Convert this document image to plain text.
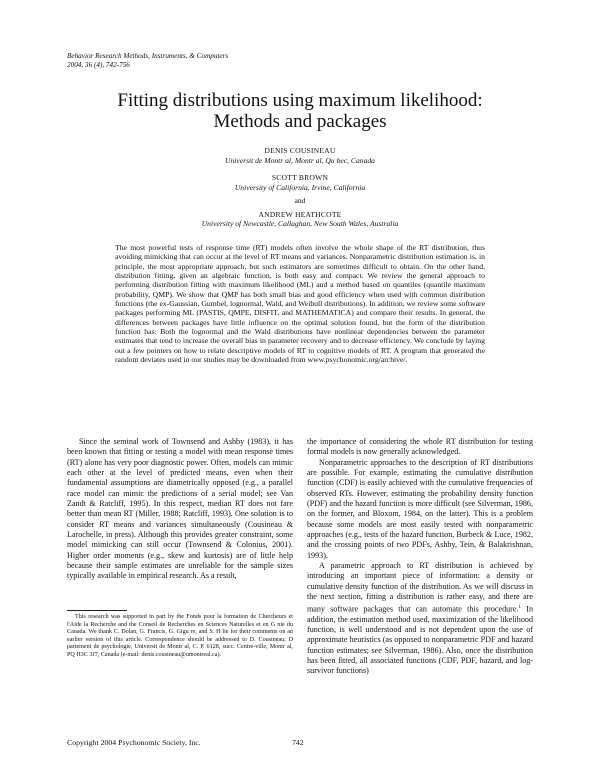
Behavior Research Methods, Instruments, & Computers
2004, 36 (4), 742-756
Fitting distributions using maximum likelihood:
Methods and packages
DENIS COUSINEAU
Universit de Montr al, Montr al, Qu bec, Canada
SCOTT BROWN
University of California, Irvine, California
and
ANDREW HEATHCOTE
University of Newcastle, Callaghan, New South Wales, Australia

The most powerful tests of response time (RT) models often involve the whole shape of the RT distribution, thus avoiding mimicking that can occur at the level of RT means and variances. Nonparametric distribution estimation is, in principle, the most appropriate approach, but such estimators are sometimes difficult to obtain. On the other hand, distribution fitting, given an algebraic function, is both easy and compact. We review the general approach to performing distribution fitting with maximum likelihood (ML) and a method based on quantiles (quantile maximum probability, QMP). We show that QMP has both small bias and good efficiency when used with common distribution functions (the ex-Gaussian, Gumbel, lognormal, Wald, and Weibull distributions). In addition, we review some software packages performing ML (PASTIS, QMPE, DISFIT, and MATHEMATICA) and compare their results. In general, the differences between packages have little influence on the optimal solution found, but the form of the distribution function has: Both the lognormal and the Wald distributions have nonlinear dependencies between the parameter estimates that tend to increase the overall bias in parameter recovery and to decrease efficiency. We conclude by laying out a few pointers on how to relate descriptive models of RT to cognitive models of RT. A program that generated the random deviates used in our studies may be downloaded from www.psychonomic.org/archive/.

Since the seminal work of Townsend and Ashby (1983), it has been known that fitting or testing a model with mean response times (RT) alone has very poor diagnostic power. Often, models can mimic each other at the level of predicted means, even when their fundamental assumptions are diametrically opposed (e.g., a parallel race model can mimic the predictions of a serial model; see Van Zandt & Ratcliff, 1995). In this respect, median RT does not fare better than mean RT (Miller, 1988; Ratcliff, 1993). One solution is to consider RT means and variances simultaneously (Cousineau & Larochelle, in press). Although this provides greater constraint, some model mimicking can still occur (Townsend & Colonius, 2001). Higher order moments (e.g., skew and kurtosis) are of little help because their sample estimates are unreliable for the sample sizes typically available in empirical research. As a result,

the importance of considering the whole RT distribution for testing formal models is now generally acknowledged.

Nonparametric approaches to the description of RT distributions are possible. For example, estimating the cumulative distribution function (CDF) is easily achieved with the cumulative frequencies of observed RTs. However, estimating the probability density function (PDF) and the hazard function is more difficult (see Silverman, 1986, on the former, and Bloxom, 1984, on the latter). This is a problem because some models are most easily tested with nonparametric approaches (e.g., tests of the hazard function, Burbeck & Luce, 1982, and the crossing points of two PDFs, Ashby, Tein, & Balakrishnan, 1993).

A parametric approach to RT distribution is achieved by introducing an important piece of information: a density or cumulative density function of the distribution. As we will discuss in the next section, fitting a distribution is rather easy, and there are many software packages that can automate this procedure.$^1$ In addition, the estimation method used, maximization of the likelihood function, is well understood and is not dependent upon the use of approximate heuristics (as opposed to nonparametric PDF and hazard function estimates; see Silverman, 1986). Also, once the distribution has been fitted, all associated functions (CDF, PDF, hazard, and log-survivor functions)

This research was supported in part by the Fonds pour la formation de Chercheurs et l'Aide la Recherche and the Conseil de Recherches en Sciences Naturelles et en G nie du Canada. We thank C. Dolan, G. Francis, G. Gigu re, and S. H lie for their comments on an earlier version of this article. Correspondence should be addressed to D. Cousineau, D partement de psychologie, Universit de Montr al, C. P. 6128, succ. Centre-ville, Montr al, PQ H3C 3J7, Canada (e-mail: denis.cousineau@umontreal.ca).

Copyright 2004 Psychonomic Society, Inc.	742
